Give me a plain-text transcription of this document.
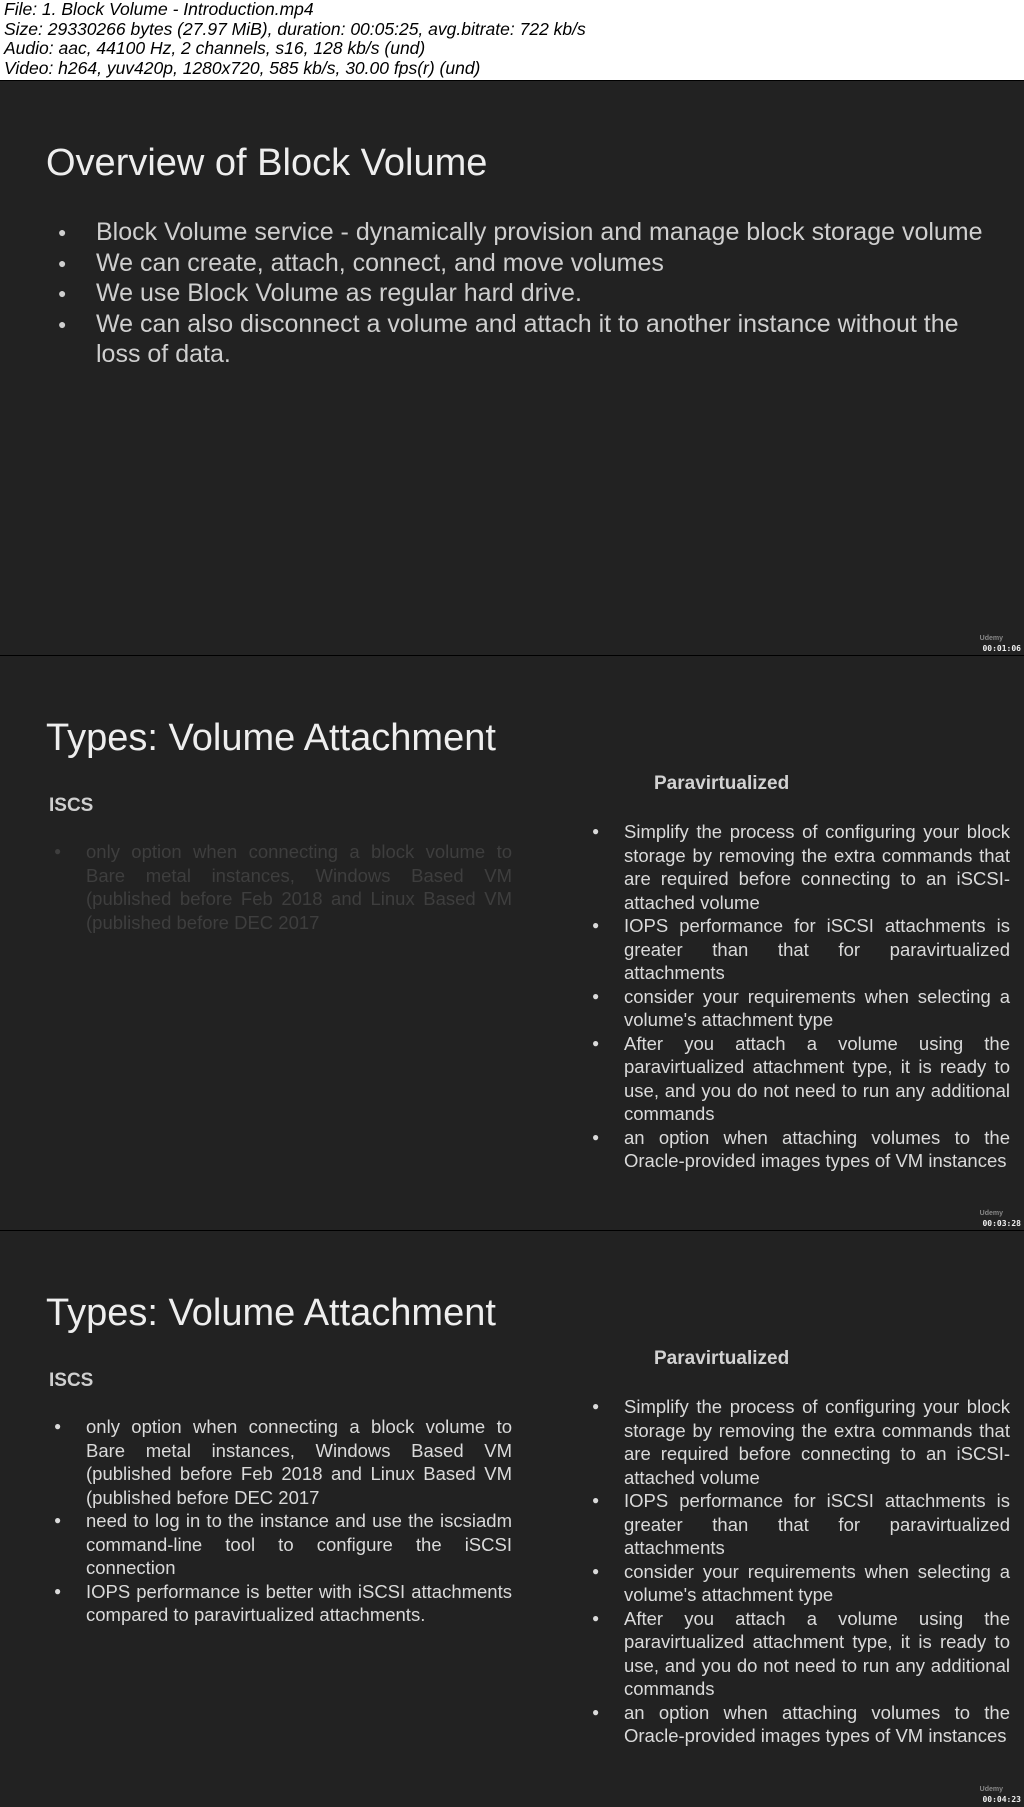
File: 1. Block Volume - Introduction.mp4
Size: 29330266 bytes (27.97 MiB), duration: 00:05:25, avg.bitrate: 722 kb/s
Audio: aac, 44100 Hz, 2 channels, s16, 128 kb/s (und)
Video: h264, yuv420p, 1280x720, 585 kb/s, 30.00 fps(r) (und)
Overview of Block Volume
● Block Volume service - dynamically provision and manage block storage volume
● We can create, attach, connect, and move volumes
● We use Block Volume as regular hard drive.
● We can also disconnect a volume and attach it to another instance without the loss of data.
Udemy
00:01:06
Types: Volume Attachment
ISCS
● only option when connecting a block volume to Bare metal instances, Windows Based VM (published before Feb 2018 and Linux Based VM (published before DEC 2017
Paravirtualized
● Simplify the process of configuring your block storage by removing the extra commands that are required before connecting to an iSCSI-attached volume
● IOPS performance for iSCSI attachments is greater than that for paravirtualized attachments
● consider your requirements when selecting a volume's attachment type
● After you attach a volume using the paravirtualized attachment type, it is ready to use, and you do not need to run any additional commands
● an option when attaching volumes to the Oracle-provided images types of VM instances
Udemy
00:03:28
Types: Volume Attachment
ISCS
● only option when connecting a block volume to Bare metal instances, Windows Based VM (published before Feb 2018 and Linux Based VM (published before DEC 2017
● need to log in to the instance and use the iscsiadm command-line tool to configure the iSCSI connection
● IOPS performance is better with iSCSI attachments compared to paravirtualized attachments.
Paravirtualized
● Simplify the process of configuring your block storage by removing the extra commands that are required before connecting to an iSCSI-attached volume
● IOPS performance for iSCSI attachments is greater than that for paravirtualized attachments
● consider your requirements when selecting a volume's attachment type
● After you attach a volume using the paravirtualized attachment type, it is ready to use, and you do not need to run any additional commands
● an option when attaching volumes to the Oracle-provided images types of VM instances
Udemy
00:04:23
